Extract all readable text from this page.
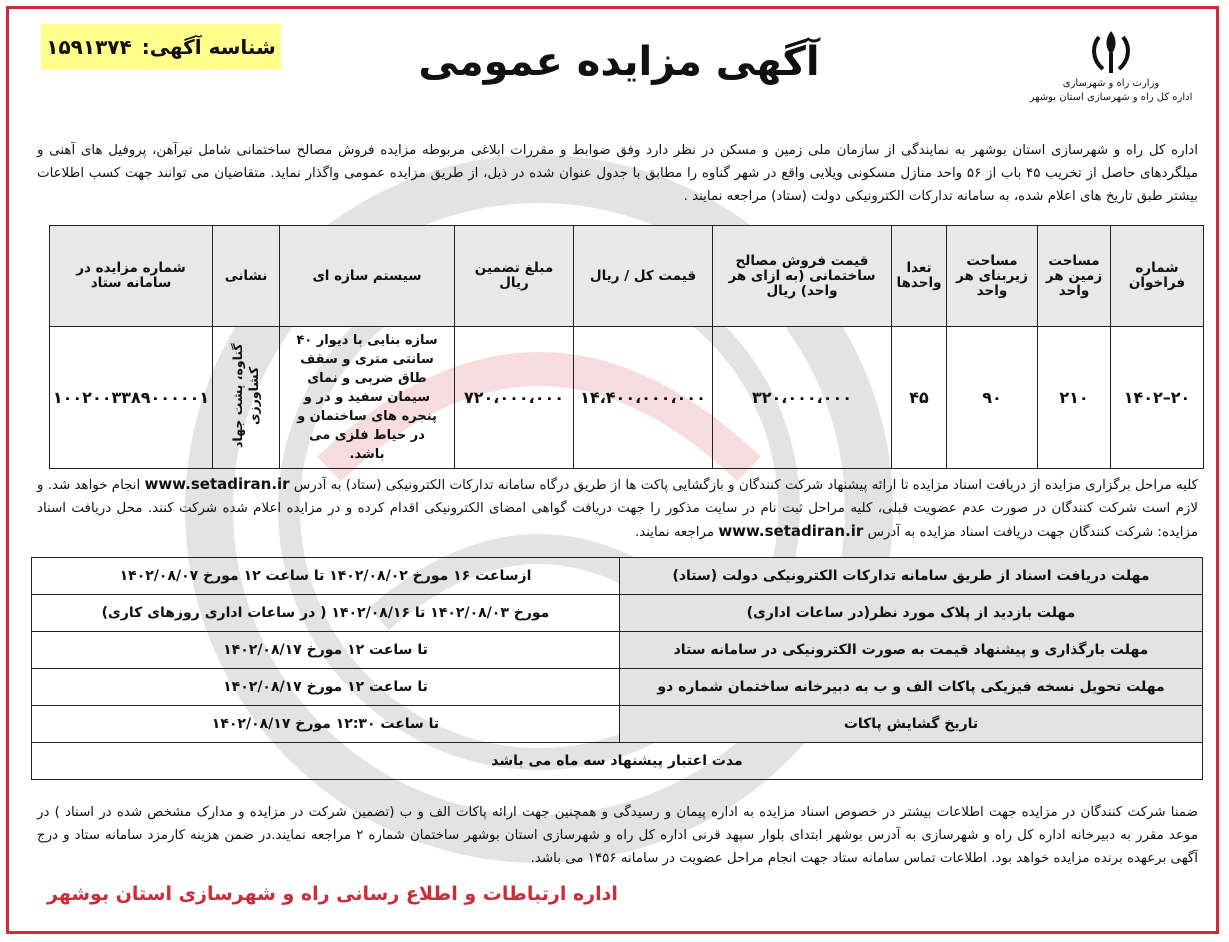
شناسه آگهی:
۱۵۹۱۳۷۴	آگهی مزایده عمومی	وزارت راه و شهرسازی
اداره کل راه و شهرسازی استان بوشهر
اداره کل راه و شهرسازی استان بوشهر به نمایندگی از سازمان ملی زمین و مسکن در نظر دارد وفق ضوابط و مقررات ابلاغی مربوطه مزایده فروش مصالح ساختمانی شامل تیرآهن، پروفیل های آهنی و میلگردهای حاصل از تخریب ۴۵ باب از ۵۶ واحد منازل مسکونی ویلایی واقع در شهر گناوه را مطابق با جدول عنوان شده در ذیل، از طریق مزایده عمومی واگذار نماید. متقاضیان می توانند جهت کسب اطلاعات بیشتر طبق تاریخ های اعلام شده، به سامانه تدارکات الکترونیکی دولت (ستاد) مراجعه نمایند .
شماره فراخوان	مساحت زمین هر واحد	مساحت زیربنای هر واحد	تعدا واحدها	قیمت فروش مصالح ساختمانی (به ازای هر واحد) ریال	قیمت کل / ریال	مبلغ تضمین ریال	سیستم سازه ای	نشانی	شماره مزایده در سامانه ستاد
۲۰–۱۴۰۲	۲۱۰	۹۰	۴۵	۳۲۰،۰۰۰،۰۰۰	۱۴،۴۰۰،۰۰۰،۰۰۰	۷۲۰،۰۰۰،۰۰۰	سازه بنایی با دیوار ۴۰ سانتی متری و سقف طاق ضربی و نمای سیمان سفید و در و پنجره های ساختمان و در حیاط فلزی می باشد.	گناوه، پشت جهاد کشاورزی	۱۰۰۲۰۰۳۳۸۹۰۰۰۰۰۱
کلیه مراحل برگزاری مزایده از دریافت اسناد مزایده تا ارائه پیشنهاد شرکت کنندگان و بازگشایی پاکت ها از طریق درگاه سامانه تدارکات الکترونیکی (ستاد) به آدرس www.setadiran.ir انجام خواهد شد. و لازم است شرکت کنندگان در صورت عدم عضویت قبلی، کلیه مراحل ثبت نام در سایت مذکور را جهت دریافت گواهی امضای الکترونیکی اقدام کرده و در مزایده اعلام شده شرکت کنند. محل دریافت اسناد مزایده: شرکت کنندگان جهت دریافت اسناد مزایده به آدرس www.setadiran.ir مراجعه نمایند.
مهلت دریافت اسناد از طریق سامانه تدارکات الکترونیکی دولت (ستاد)	ازساعت ۱۶ مورخ ۱۴۰۲/۰۸/۰۲ تا ساعت ۱۲ مورخ ۱۴۰۲/۰۸/۰۷
مهلت بازدید از پلاک مورد نظر(در ساعات اداری)	مورخ ۱۴۰۲/۰۸/۰۳ تا ۱۴۰۲/۰۸/۱۶ ( در ساعات اداری روزهای کاری)
مهلت بارگذاری و پیشنهاد قیمت به صورت الکترونیکی در سامانه ستاد	تا ساعت ۱۲ مورخ ۱۴۰۲/۰۸/۱۷
مهلت تحویل نسخه فیزیکی پاکات الف و ب به دبیرخانه ساختمان شماره دو	تا ساعت ۱۲ مورخ ۱۴۰۲/۰۸/۱۷
تاریخ گشایش پاکات	تا ساعت ۱۲:۳۰ مورخ ۱۴۰۲/۰۸/۱۷
مدت اعتبار پیشنهاد سه ماه می باشد	
ضمنا شرکت کنندگان در مزایده جهت اطلاعات بیشتر در خصوص اسناد مزایده به اداره پیمان و رسیدگی و همچنین جهت ارائه پاکات الف و ب (تضمین شرکت در مزایده و مدارک مشخص شده در اسناد ) در موعد مقرر به دبیرخانه اداره کل راه و شهرسازی به آدرس بوشهر ابتدای بلوار سپهد قرنی اداره کل راه و شهرسازی استان بوشهر ساختمان شماره ۲ مراجعه نمایند.در ضمن هزینه کارمزد سامانه ستاد و درج آگهی برعهده برنده مزایده خواهد بود. اطلاعات تماس سامانه ستاد جهت انجام مراحل عضویت در سامانه ۱۴۵۶ می باشد.
اداره ارتباطات و اطلاع رسانی راه و شهرسازی استان بوشهر
